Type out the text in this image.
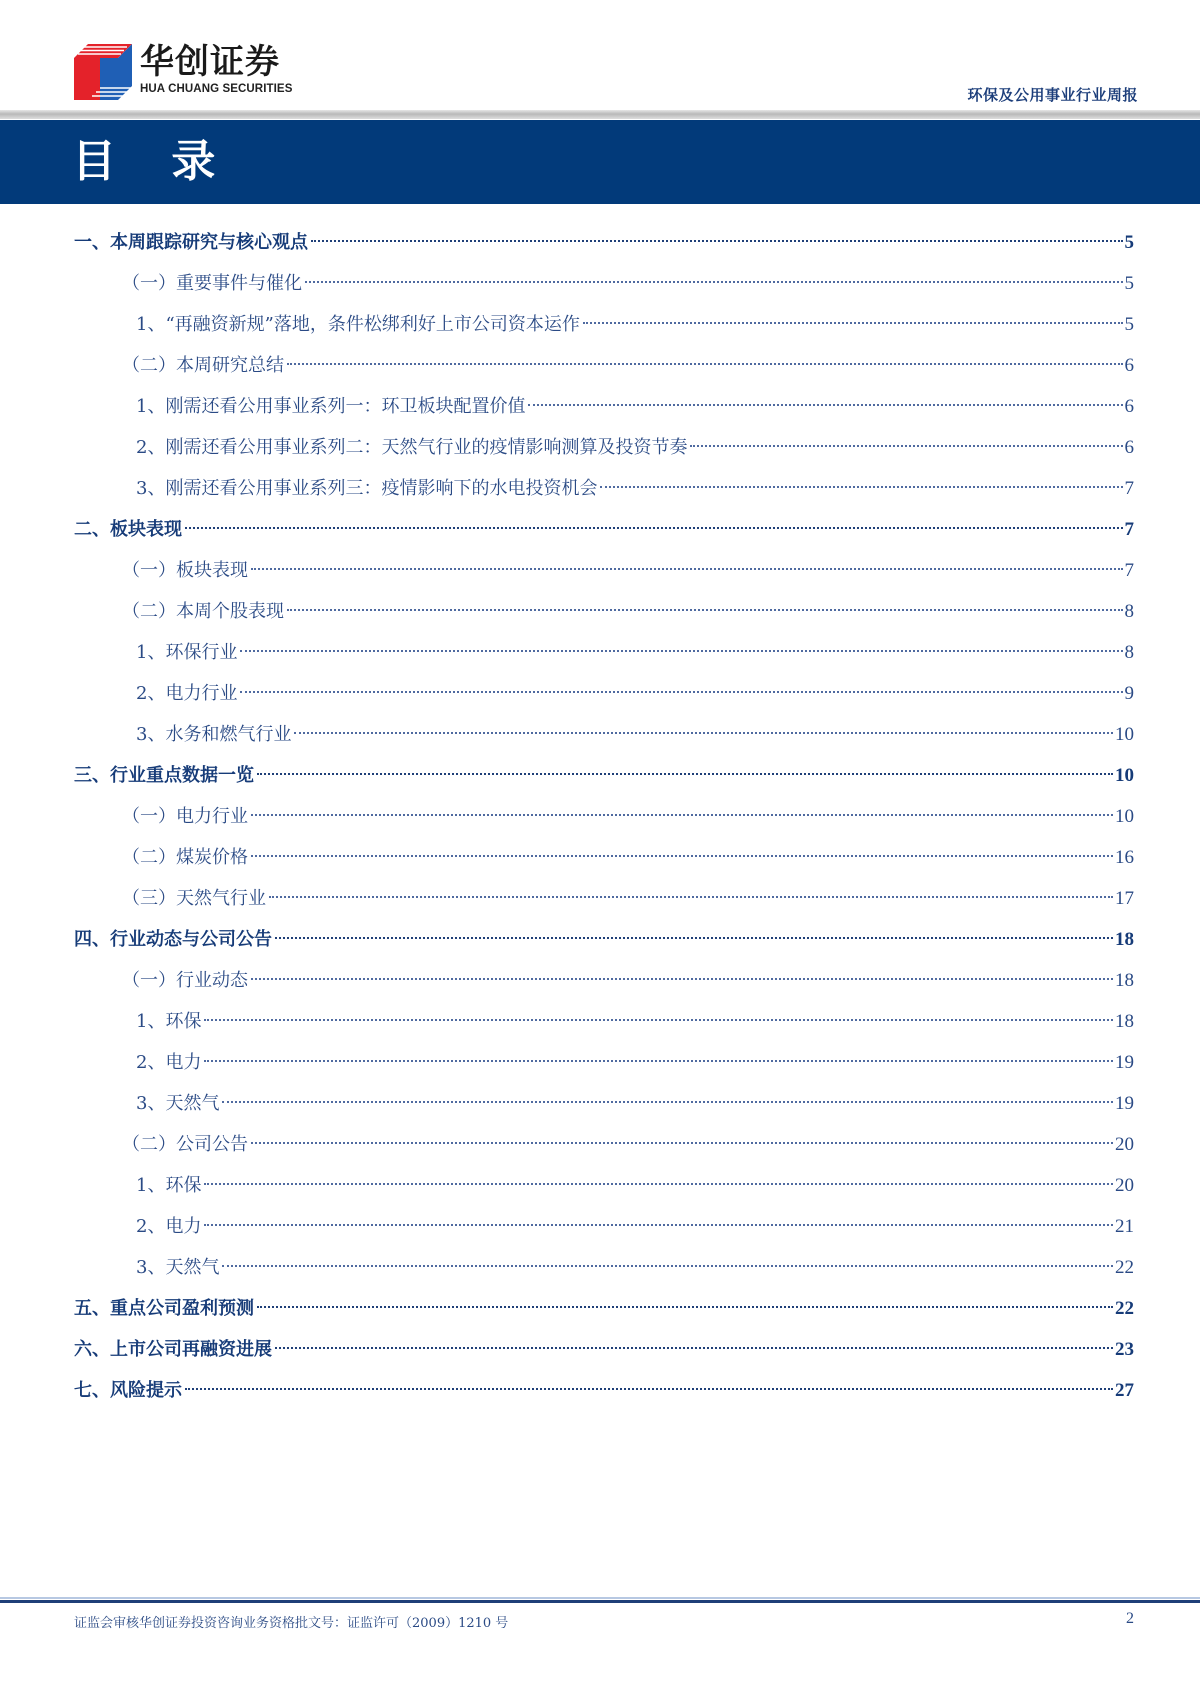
华创证券
HUA CHUANG SECURITIES	环保及公用事业行业周报
目 录
一、本周跟踪研究与核心观点	5
（一）重要事件与催化	5
1、“再融资新规”落地，条件松绑利好上市公司资本运作	5
（二）本周研究总结	6
1、刚需还看公用事业系列一：环卫板块配置价值	6
2、刚需还看公用事业系列二：天然气行业的疫情影响测算及投资节奏	6
3、刚需还看公用事业系列三：疫情影响下的水电投资机会	7
二、板块表现	7
（一）板块表现	7
（二）本周个股表现	8
1、环保行业	8
2、电力行业	9
3、水务和燃气行业	10
三、行业重点数据一览	10
（一）电力行业	10
（二）煤炭价格	16
（三）天然气行业	17
四、行业动态与公司公告	18
（一）行业动态	18
1、环保	18
2、电力	19
3、天然气	19
（二）公司公告	20
1、环保	20
2、电力	21
3、天然气	22
五、重点公司盈利预测	22
六、上市公司再融资进展	23
七、风险提示	27
证监会审核华创证券投资咨询业务资格批文号：证监许可（2009）1210 号	2
